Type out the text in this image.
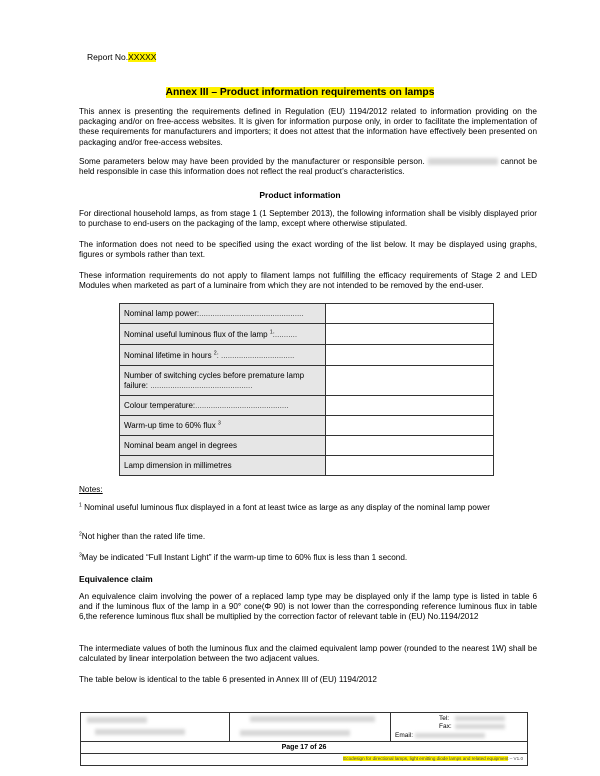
Report No.XXXXX
Annex III – Product information requirements on lamps

This annex is presenting the requirements defined in Regulation (EU) 1194/2012 related to information providing on the packaging and/or on free-access websites. It is given for information purpose only, in order to facilitate the implementation of these requirements for manufacturers and importers; it does not attest that the information have effectively been presented on packaging and/or free-access websites.

Some parameters below may have been provided by the manufacturer or responsible person.	cannot be held responsible in case this information does not reflect the real product’s characteristics.

Product information

For directional household lamps, as from stage 1 (1 September 2013), the following information shall be visibly displayed prior to purchase to end-users on the packaging of the lamp, except where otherwise stipulated.

The information does not need to be specified using the exact wording of the list below. It may be displayed using graphs, figures or symbols rather than text.

These information requirements do not apply to filament lamps not fulfilling the efficacy requirements of Stage 2 and LED Modules when marketed as part of a luminaire from which they are not intended to be removed by the end-user.

Nominal lamp power:...............................................	
Nominal useful luminous flux of the lamp $^1$:..........	
Nominal lifetime in hours $^2$: .................................	
Number of switching cycles before premature lamp failure: ..............................................	
Colour temperature:..........................................	
Warm-up time to 60% flux $^3$	
Nominal beam angel in degrees	
Lamp dimension in millimetres	
Notes:

$^1$ Nominal useful luminous flux displayed in a font at least twice as large as any display of the nominal lamp power

$^2$Not higher than the rated life time.

$^3$May be indicated “Full Instant Light” if the warm-up time to 60% flux is less than 1 second.

Equivalence claim

An equivalence claim involving the power of a replaced lamp type may be displayed only if the lamp type is listed in table 6 and if the luminous flux of the lamp in a 90° cone(Φ 90) is not lower than the corresponding reference luminous flux in table 6,the reference luminous flux shall be multiplied by the correction factor of relevant table in (EU) No.1194/2012

The intermediate values of both the luminous flux and the claimed equivalent lamp power (rounded to the nearest 1W) shall be calculated by linear interpolation between the two adjacent values.

The table below is identical to the table 6 presented in Annex III of (EU) 1194/2012

Tel:
Fax:
Email:
Page 17 of 26
Ecodesign for directional lamps, light emitting diode lamps and related equipment – V1.0
